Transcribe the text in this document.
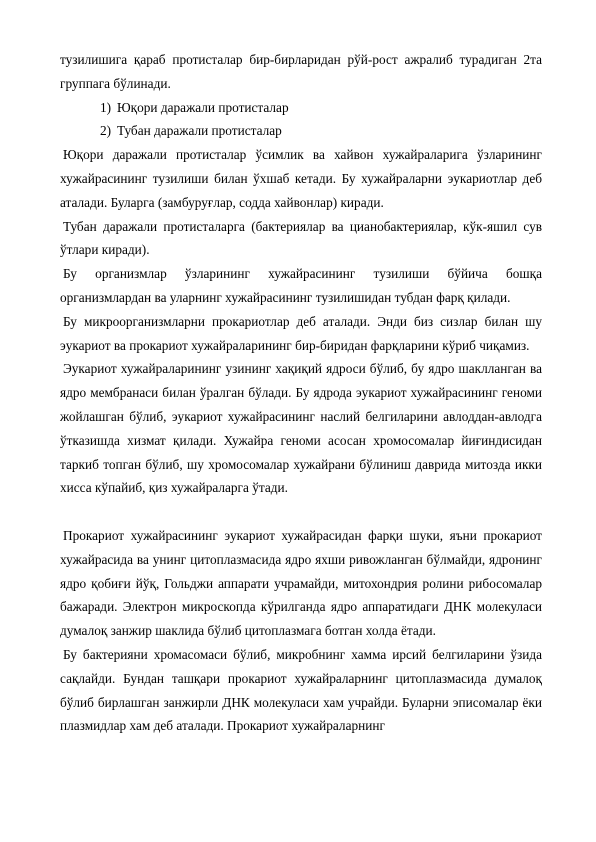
тузилишига қараб протисталар бир-бирларидан рўй-рост ажралиб турадиган 2та группага бўлинади.

1) Юқори даражали протисталар
2) Тубан даражали протисталар

Юқори даражали протисталар ўсимлик ва хайвон хужайраларига ўзларининг хужайрасининг тузилиши билан ўхшаб кетади. Бу хужайраларни эукариотлар деб аталади. Буларга (замбуруғлар, содда хайвонлар) киради.

Тубан даражали протисталарга (бактериялар ва цианобактериялар, кўк-яшил сув ўтлари киради).

Бу организмлар ўзларининг хужайрасининг тузилиши бўйича бошқа организмлардан ва уларнинг хужайрасининг тузилишидан тубдан фарқ қилади.

Бу микроорганизмларни прокариотлар деб аталади. Энди биз сизлар билан шу эукариот ва прокариот хужайраларининг бир-биридан фарқларини кўриб чиқамиз.

Эукариот хужайраларининг узининг хақиқий ядроси бўлиб, бу ядро шаклланган ва ядро мембранаси билан ўралган бўлади. Бу ядрода эукариот хужайрасининг геноми жойлашган бўлиб, эукариот хужайрасининг наслий белгиларини авлоддан-авлодга ўтказишда хизмат қилади. Хужайра геноми асосан хромосомалар йиғиндисидан таркиб топган бўлиб, шу хромосомалар хужайрани бўлиниш даврида митозда икки хисса кўпайиб, қиз хужайраларга ўтади.

Прокариот хужайрасининг эукариот хужайрасидан фарқи шуки, яъни прокариот хужайрасида ва унинг цитоплазмасида ядро яхши ривожланган бўлмайди, ядронинг ядро қобиғи йўқ, Гольджи аппарати учрамайди, митохондрия ролини рибосомалар бажаради. Электрон микроскопда кўрилганда ядро аппаратидаги ДНК молекуласи думалоқ занжир шаклида бўлиб цитоплазмага ботган холда ётади.

Бу бактерияни хромасомаси бўлиб, микробнинг хамма ирсий белгиларини ўзида сақлайди. Бундан ташқари прокариот хужайраларнинг цитоплазмасида думалоқ бўлиб бирлашган занжирли ДНК молекуласи хам учрайди. Буларни эписомалар ёки плазмидлар хам деб аталади. Прокариот хужайраларнинг
